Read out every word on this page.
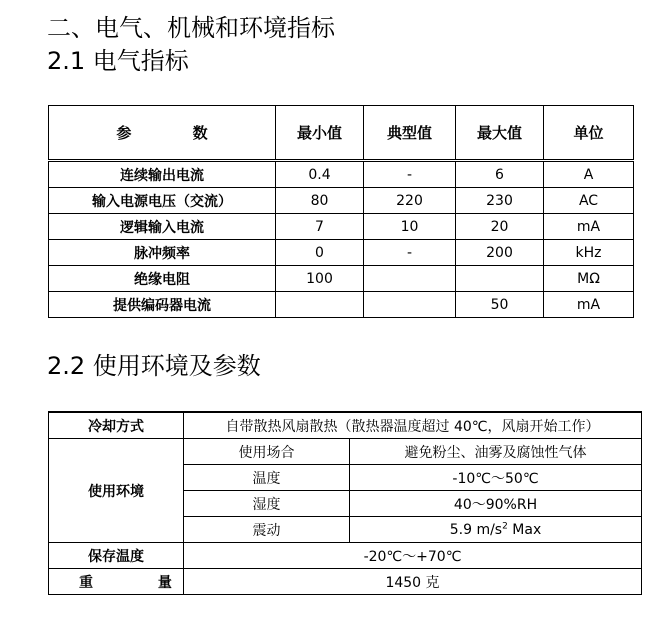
二、电气、机械和环境指标
2.1 电气指标
参 数	最小值	典型值	最大值	单位
连续输出电流	0.4	-	6	A
输入电源电压（交流）	80	220	230	AC
逻辑输入电流	7	10	20	mA
脉冲频率	0	-	200	kHz
绝缘电阻	100			MΩ
提供编码器电流			50	mA
2.2 使用环境及参数
冷却方式	自带散热风扇散热（散热器温度超过 40℃，风扇开始工作）	
使用环境	使用场合	避免粉尘、油雾及腐蚀性气体
	温度	-10℃～50℃
	湿度	40～90%RH
	震动	5.9 $m/s^2$ Max
保存温度	-20℃～+70℃	
重 量	1450 克	
